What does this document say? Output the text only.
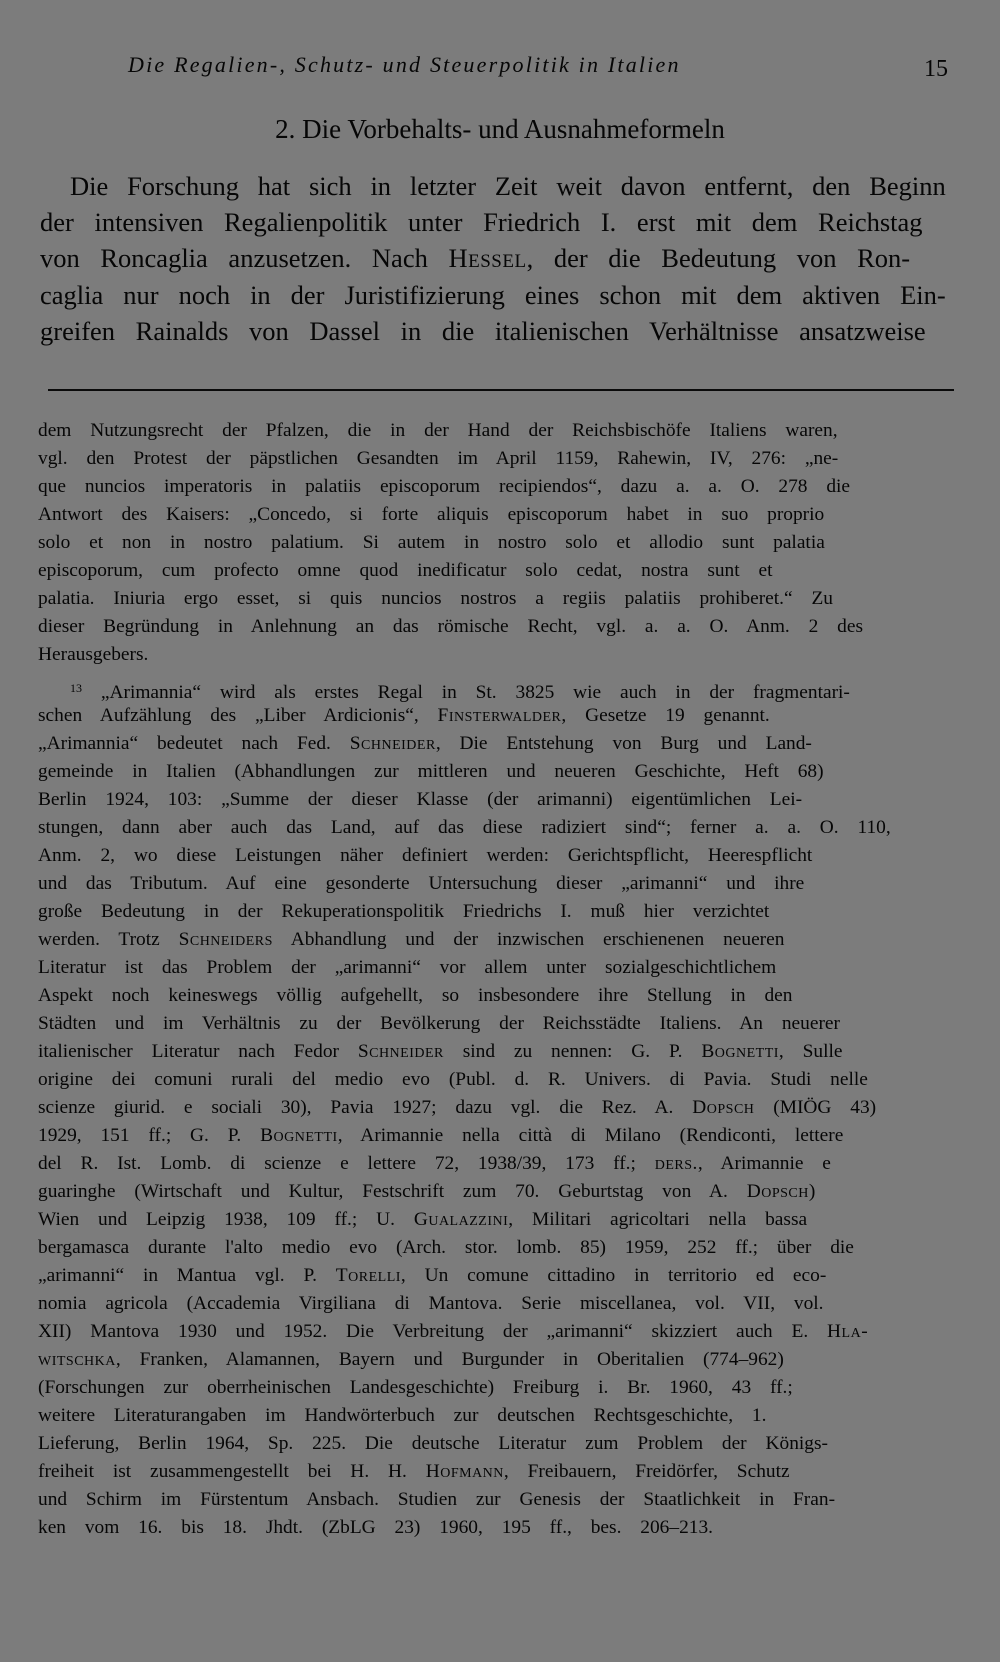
Die Regalien-, Schutz- und Steuerpolitik in Italien	15
2. Die Vorbehalts- und Ausnahmeformeln
Die Forschung hat sich in letzter Zeit weit davon entfernt, den Beginn
der intensiven Regalienpolitik unter Friedrich I. erst mit dem Reichstag
von Roncaglia anzusetzen. Nach Hessel, der die Bedeutung von Ron-
caglia nur noch in der Juristifizierung eines schon mit dem aktiven Ein-
greifen Rainalds von Dassel in die italienischen Verhältnisse ansatzweise
dem Nutzungsrecht der Pfalzen, die in der Hand der Reichsbischöfe Italiens waren,
vgl. den Protest der päpstlichen Gesandten im April 1159, Rahewin, IV, 276: „ne-
que nuncios imperatoris in palatiis episcoporum recipiendos“, dazu a. a. O. 278 die
Antwort des Kaisers: „Concedo, si forte aliquis episcoporum habet in suo proprio
solo et non in nostro palatium. Si autem in nostro solo et allodio sunt palatia
episcoporum, cum profecto omne quod inedificatur solo cedat, nostra sunt et
palatia. Iniuria ergo esset, si quis nuncios nostros a regiis palatiis prohiberet.“ Zu
dieser Begründung in Anlehnung an das römische Recht, vgl. a. a. O. Anm. 2 des
Herausgebers.
$^{13}$ „Arimannia“ wird als erstes Regal in St. 3825 wie auch in der fragmentari-
schen Aufzählung des „Liber Ardicionis“, Finsterwalder, Gesetze 19 genannt.
„Arimannia“ bedeutet nach Fed. Schneider, Die Entstehung von Burg und Land-
gemeinde in Italien (Abhandlungen zur mittleren und neueren Geschichte, Heft 68)
Berlin 1924, 103: „Summe der dieser Klasse (der arimanni) eigentümlichen Lei-
stungen, dann aber auch das Land, auf das diese radiziert sind“; ferner a. a. O. 110,
Anm. 2, wo diese Leistungen näher definiert werden: Gerichtspflicht, Heerespflicht
und das Tributum. Auf eine gesonderte Untersuchung dieser „arimanni“ und ihre
große Bedeutung in der Rekuperationspolitik Friedrichs I. muß hier verzichtet
werden. Trotz Schneiders Abhandlung und der inzwischen erschienenen neueren
Literatur ist das Problem der „arimanni“ vor allem unter sozialgeschichtlichem
Aspekt noch keineswegs völlig aufgehellt, so insbesondere ihre Stellung in den
Städten und im Verhältnis zu der Bevölkerung der Reichsstädte Italiens. An neuerer
italienischer Literatur nach Fedor Schneider sind zu nennen: G. P. Bognetti, Sulle
origine dei comuni rurali del medio evo (Publ. d. R. Univers. di Pavia. Studi nelle
scienze giurid. e sociali 30), Pavia 1927; dazu vgl. die Rez. A. Dopsch (MIÖG 43)
1929, 151 ff.; G. P. Bognetti, Arimannie nella città di Milano (Rendiconti, lettere
del R. Ist. Lomb. di scienze e lettere 72, 1938/39, 173 ff.; ders., Arimannie e
guaringhe (Wirtschaft und Kultur, Festschrift zum 70. Geburtstag von A. Dopsch)
Wien und Leipzig 1938, 109 ff.; U. Gualazzini, Militari agricoltari nella bassa
bergamasca durante l'alto medio evo (Arch. stor. lomb. 85) 1959, 252 ff.; über die
„arimanni“ in Mantua vgl. P. Torelli, Un comune cittadino in territorio ed eco-
nomia agricola (Accademia Virgiliana di Mantova. Serie miscellanea, vol. VII, vol.
XII) Mantova 1930 und 1952. Die Verbreitung der „arimanni“ skizziert auch E. Hla-
witschka, Franken, Alamannen, Bayern und Burgunder in Oberitalien (774–962)
(Forschungen zur oberrheinischen Landesgeschichte) Freiburg i. Br. 1960, 43 ff.;
weitere Literaturangaben im Handwörterbuch zur deutschen Rechtsgeschichte, 1.
Lieferung, Berlin 1964, Sp. 225. Die deutsche Literatur zum Problem der Königs-
freiheit ist zusammengestellt bei H. H. Hofmann, Freibauern, Freidörfer, Schutz
und Schirm im Fürstentum Ansbach. Studien zur Genesis der Staatlichkeit in Fran-
ken vom 16. bis 18. Jhdt. (ZbLG 23) 1960, 195 ff., bes. 206–213.
